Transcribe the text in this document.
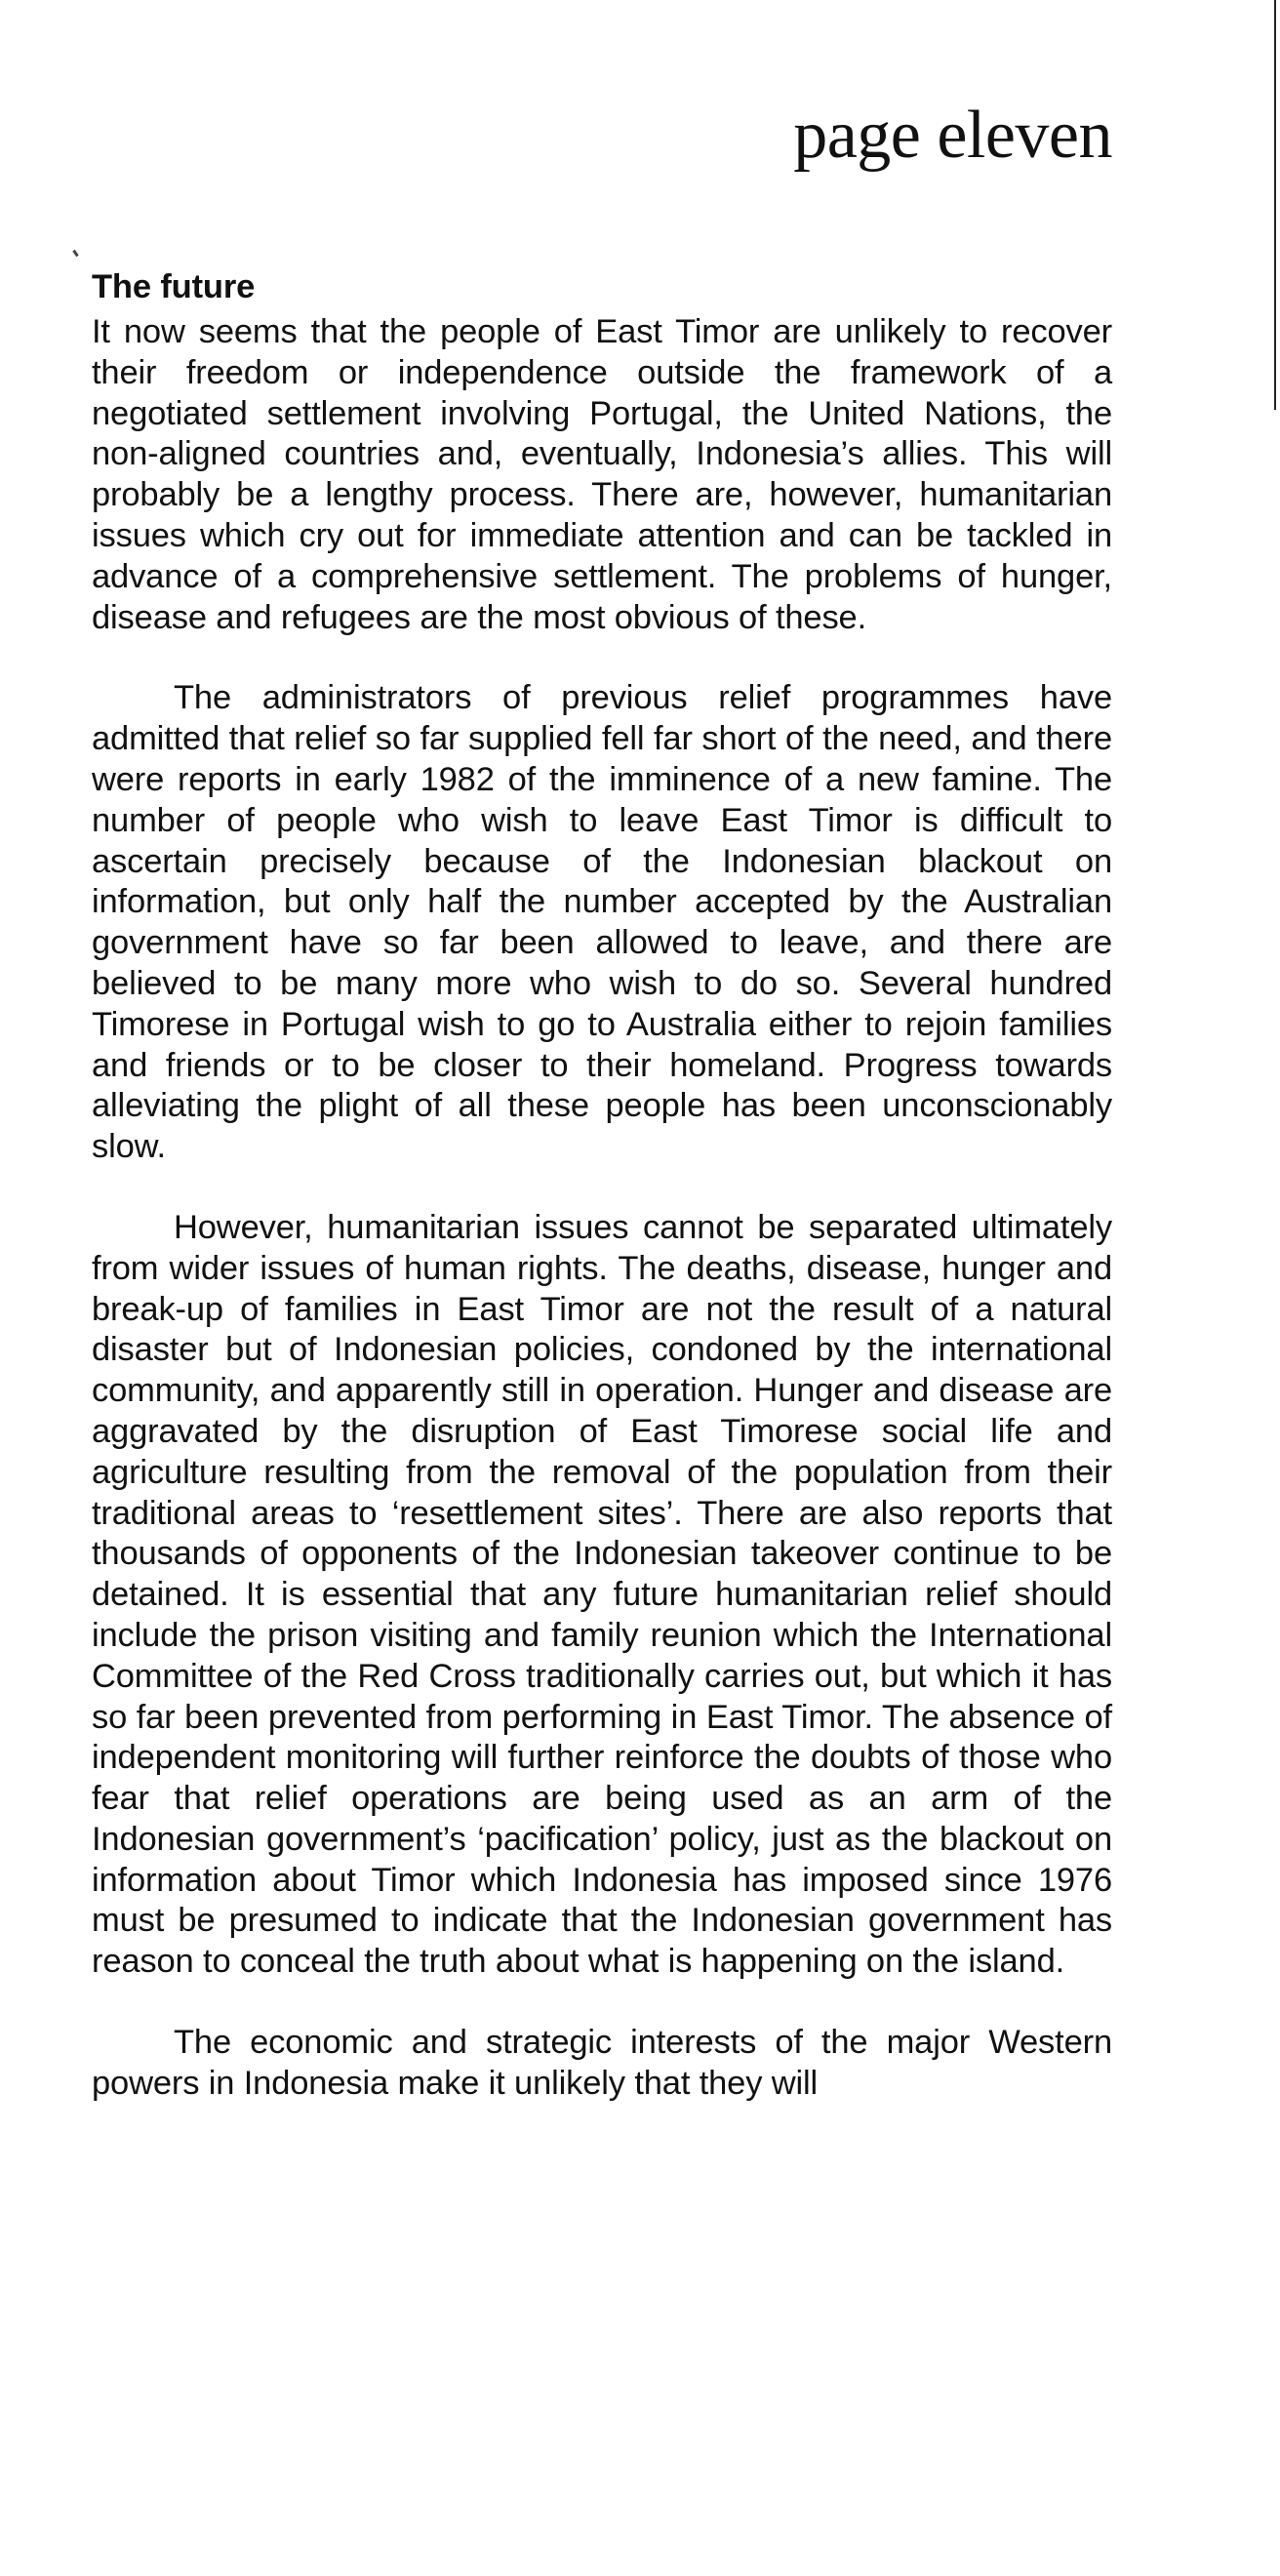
page eleven
The future

It now seems that the people of East Timor are unlikely to recover their freedom or independence outside the framework of a negotiated settlement involving Portugal, the United Nations, the non-aligned countries and, eventually, Indonesia’s allies. This will probably be a lengthy process. There are, however, humanitarian issues which cry out for immediate attention and can be tackled in advance of a comprehensive settlement. The problems of hunger, disease and refugees are the most obvious of these.

The administrators of previous relief programmes have admitted that relief so far supplied fell far short of the need, and there were reports in early 1982 of the imminence of a new famine. The number of people who wish to leave East Timor is difficult to ascertain precisely because of the Indonesian blackout on information, but only half the number accepted by the Australian government have so far been allowed to leave, and there are believed to be many more who wish to do so. Several hundred Timorese in Portugal wish to go to Australia either to rejoin families and friends or to be closer to their homeland. Progress towards alleviating the plight of all these people has been unconscionably slow.

However, humanitarian issues cannot be separated ultimately from wider issues of human rights. The deaths, disease, hunger and break-up of families in East Timor are not the result of a natural disaster but of Indonesian policies, condoned by the international community, and apparently still in operation. Hunger and disease are aggravated by the disruption of East Timorese social life and agriculture resulting from the removal of the population from their traditional areas to ‘resettlement sites’. There are also reports that thousands of opponents of the Indonesian takeover continue to be detained. It is essential that any future humanitarian relief should include the prison visiting and family reunion which the International Committee of the Red Cross traditionally carries out, but which it has so far been prevented from performing in East Timor. The absence of independent monitoring will further reinforce the doubts of those who fear that relief operations are being used as an arm of the Indonesian government’s ‘pacification’ policy, just as the blackout on information about Timor which Indonesia has imposed since 1976 must be presumed to indicate that the Indonesian government has reason to conceal the truth about what is happening on the island.

The economic and strategic interests of the major Western powers in Indonesia make it unlikely that they will
